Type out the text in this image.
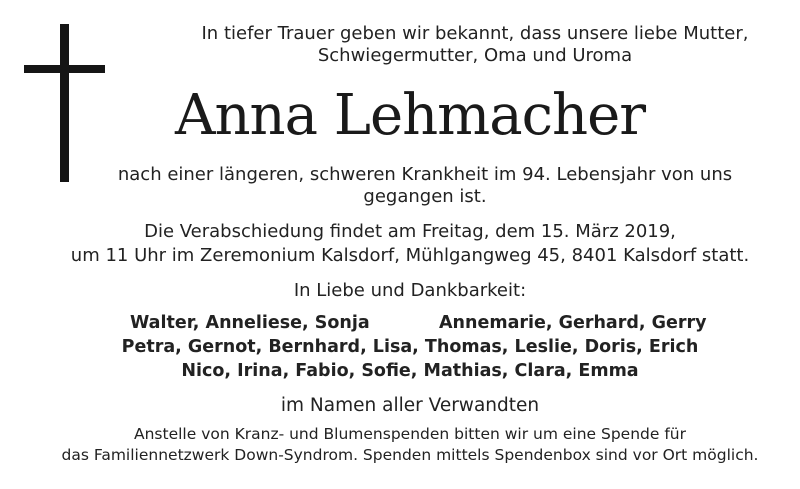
In tiefer Trauer geben wir bekannt, dass unsere liebe Mutter,
Schwiegermutter, Oma und Uroma
Anna Lehmacher
nach einer längeren, schweren Krankheit im 94. Lebensjahr von uns
gegangen ist.
Die Verabschiedung findet am Freitag, dem 15. März 2019,
um 11 Uhr im Zeremonium Kalsdorf, Mühlgangweg 45, 8401 Kalsdorf statt.
In Liebe und Dankbarkeit:
Walter, Anneliese, Sonja	Annemarie, Gerhard, Gerry
Petra, Gernot, Bernhard, Lisa, Thomas, Leslie, Doris, Erich
Nico, Irina, Fabio, Sofie, Mathias, Clara, Emma
im Namen aller Verwandten
Anstelle von Kranz- und Blumenspenden bitten wir um eine Spende für
das Familiennetzwerk Down-Syndrom. Spenden mittels Spendenbox sind vor Ort möglich.
